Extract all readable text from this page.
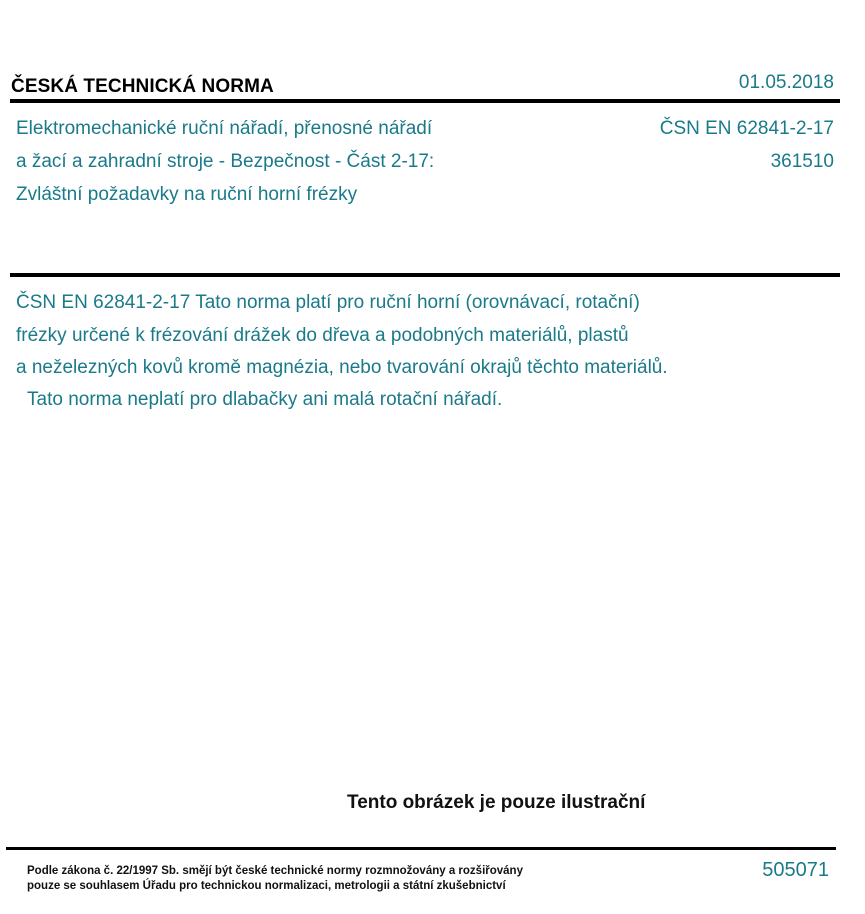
ČESKÁ TECHNICKÁ NORMA	01.05.2018
Elektromechanické ruční nářadí, přenosné nářadí
a žací a zahradní stroje - Bezpečnost - Část 2-17:
Zvláštní požadavky na ruční horní frézky
ČSN EN 62841-2-17
361510
ČSN EN 62841-2-17 Tato norma platí pro ruční horní (orovnávací, rotační)
frézky určené k frézování drážek do dřeva a podobných materiálů, plastů
a neželezných kovů kromě magnézia, nebo tvarování okrajů těchto materiálů.
Tato norma neplatí pro dlabačky ani malá rotační nářadí.
Tento obrázek je pouze ilustrační
Podle zákona č. 22/1997 Sb. smějí být české technické normy rozmnožovány a rozšiřovány
pouze se souhlasem Úřadu pro technickou normalizaci, metrologii a státní zkušebnictví
505071
